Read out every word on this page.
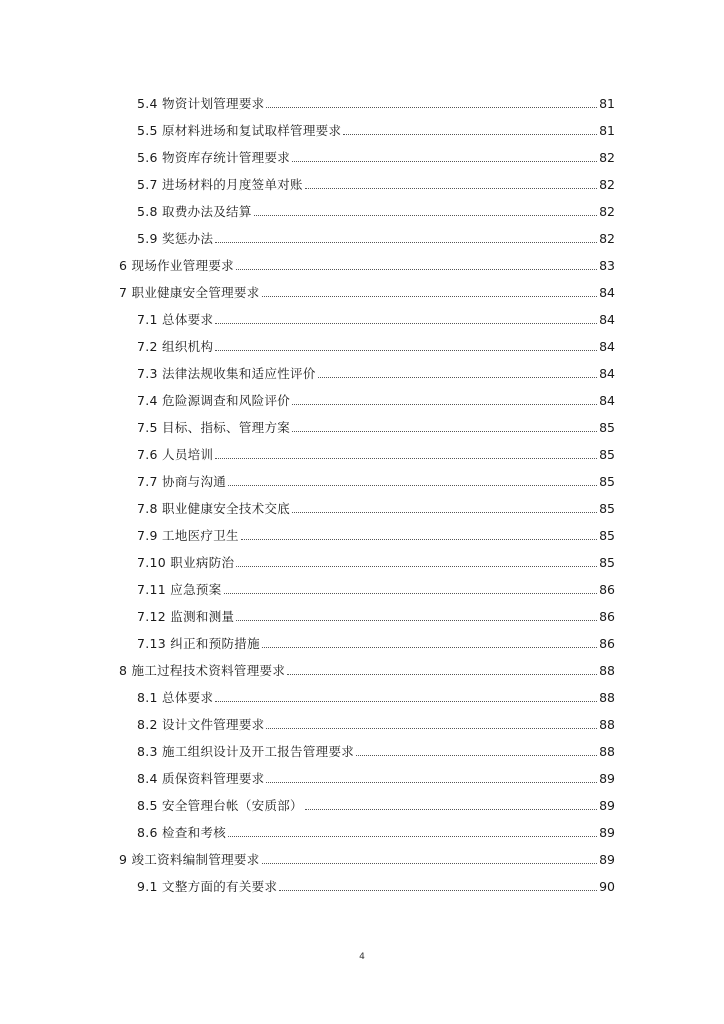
5.4 物资计划管理要求	81
5.5 原材料进场和复试取样管理要求	81
5.6 物资库存统计管理要求	82
5.7 进场材料的月度签单对账	82
5.8 取费办法及结算	82
5.9 奖惩办法	82
6 现场作业管理要求	83
7 职业健康安全管理要求	84
7.1 总体要求	84
7.2 组织机构	84
7.3 法律法规收集和适应性评价	84
7.4 危险源调查和风险评价	84
7.5 目标、指标、管理方案	85
7.6 人员培训	85
7.7 协商与沟通	85
7.8 职业健康安全技术交底	85
7.9 工地医疗卫生	85
7.10 职业病防治	85
7.11 应急预案	86
7.12 监测和测量	86
7.13 纠正和预防措施	86
8 施工过程技术资料管理要求	88
8.1 总体要求	88
8.2 设计文件管理要求	88
8.3 施工组织设计及开工报告管理要求	88
8.4 质保资料管理要求	89
8.5 安全管理台帐（安质部）	89
8.6 检查和考核	89
9 竣工资料编制管理要求	89
9.1 文整方面的有关要求	90
4
